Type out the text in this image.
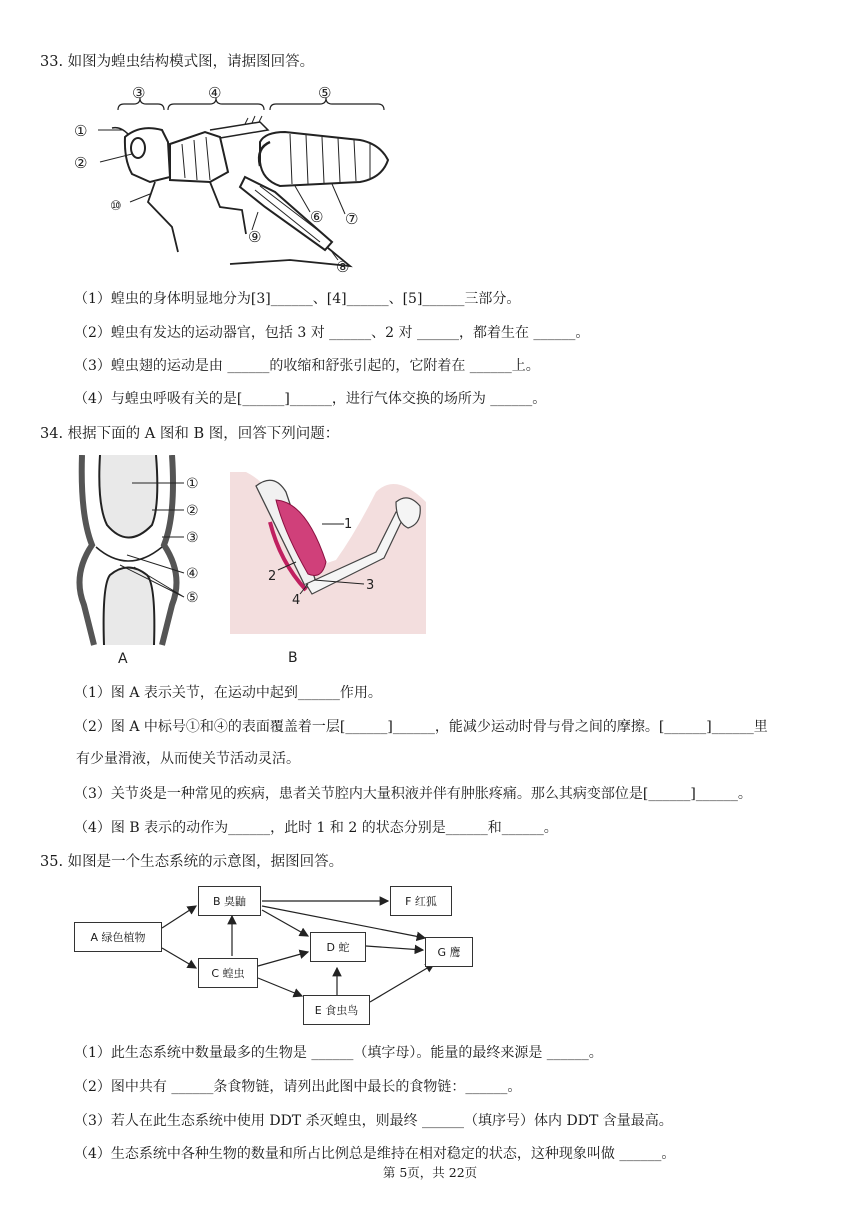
33. 如图为蝗虫结构模式图，请据图回答。
③	④	⑤
①
②
⑩
⑨
⑥ ⑦
⑧
（1）蝗虫的身体明显地分为[3]______、[4]______、[5]______三部分。
（2）蝗虫有发达的运动器官，包括 3 对 ______、2 对 ______，都着生在 ______。
（3）蝗虫翅的运动是由 ______的收缩和舒张引起的，它附着在 ______上。
（4）与蝗虫呼吸有关的是[______]______，进行气体交换的场所为 ______。
34. 根据下面的 A 图和 B 图，回答下列问题：
①
②
③
④
⑤
A
1
2
3
4
B
（1）图 A 表示关节，在运动中起到______作用。
（2）图 A 中标号①和④的表面覆盖着一层[______]______，能减少运动时骨与骨之间的摩擦。[______]______里
有少量滑液，从而使关节活动灵活。
（3）关节炎是一种常见的疾病，患者关节腔内大量积液并伴有肿胀疼痛。那么其病变部位是[______]______。
（4）图 B 表示的动作为______，此时 1 和 2 的状态分别是______和______。
35. 如图是一个生态系统的示意图，据图回答。
A 绿色植物
B 臭鼬	F 红狐
D 蛇	G 鹰
C 蝗虫
E 食虫鸟
（1）此生态系统中数量最多的生物是 ______（填字母）。能量的最终来源是 ______。
（2）图中共有 ______条食物链，请列出此图中最长的食物链：______。
（3）若人在此生态系统中使用 DDT 杀灭蝗虫，则最终 ______（填序号）体内 DDT 含量最高。
（4）生态系统中各种生物的数量和所占比例总是维持在相对稳定的状态，这种现象叫做 ______。
第 5页，共 22页
